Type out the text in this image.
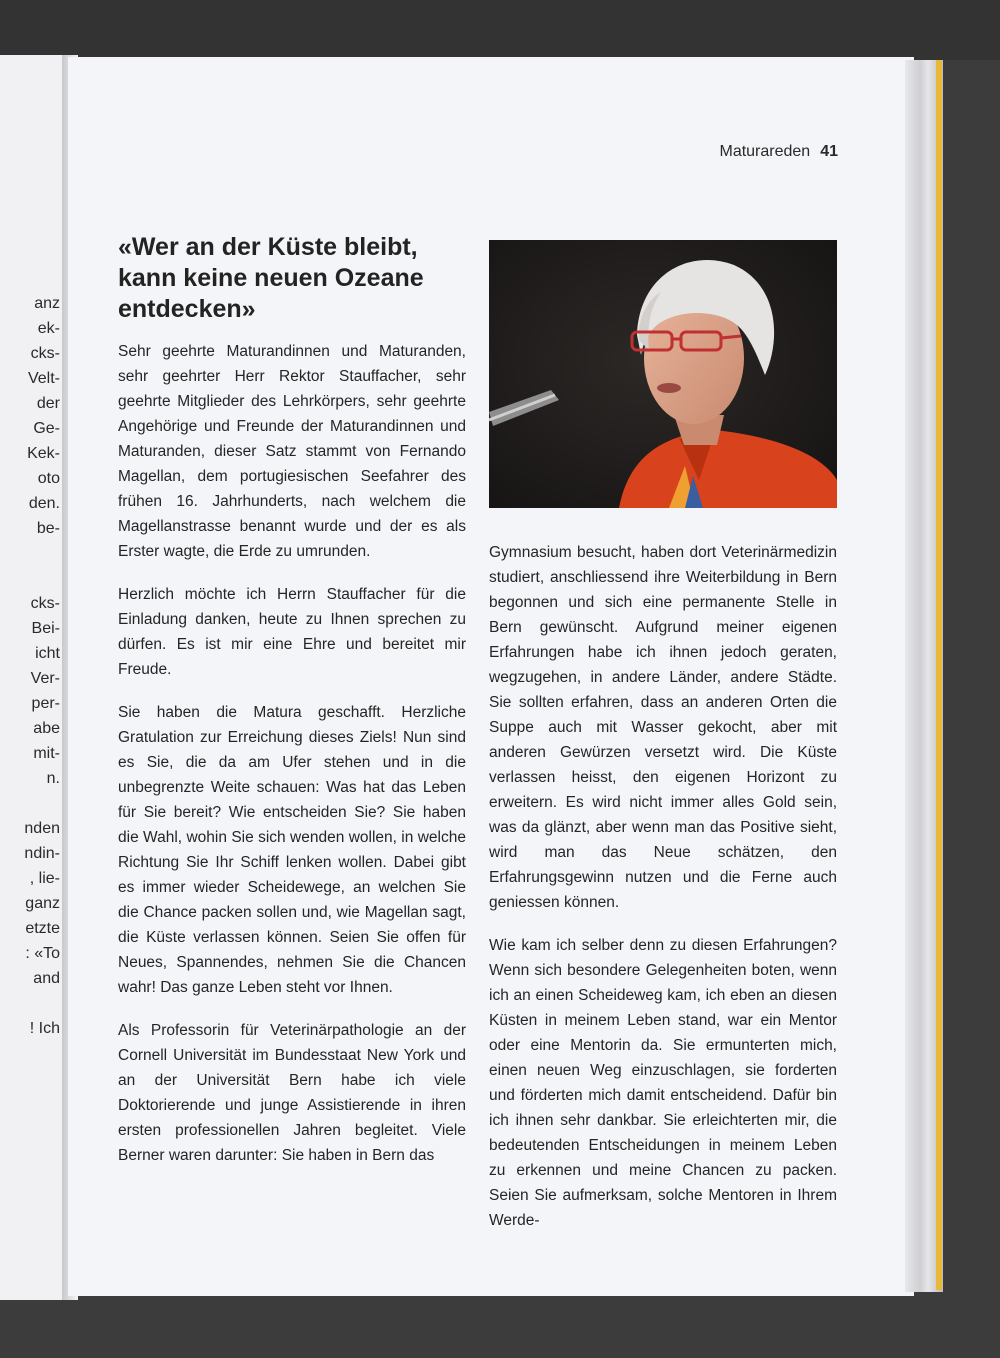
anz
ek-
cks-
Velt-
der
Ge-
Kek-
oto
den.
be-

cks-
Bei-
icht
Ver-
per-
abe
mit-
n.

nden
ndin-
, lie-
ganz
etzte
: «To
and

! Ich
Maturareden 41
«Wer an der Küste bleibt, kann keine neuen Ozeane entdecken»

Sehr geehrte Maturandinnen und Maturanden, sehr geehrter Herr Rektor Stauffacher, sehr geehrte Mitglieder des Lehrkörpers, sehr geehrte Angehörige und Freunde der Maturandinnen und Maturanden, dieser Satz stammt von Fernando Magellan, dem portugiesischen Seefahrer des frühen 16. Jahrhunderts, nach welchem die Magellanstrasse benannt wurde und der es als Erster wagte, die Erde zu umrunden.

Herzlich möchte ich Herrn Stauffacher für die Einladung danken, heute zu Ihnen sprechen zu dürfen. Es ist mir eine Ehre und bereitet mir Freude.

Sie haben die Matura geschafft. Herzliche Gratulation zur Erreichung dieses Ziels! Nun sind es Sie, die da am Ufer stehen und in die unbegrenzte Weite schauen: Was hat das Leben für Sie bereit? Wie entscheiden Sie? Sie haben die Wahl, wohin Sie sich wenden wollen, in welche Richtung Sie Ihr Schiff lenken wollen. Dabei gibt es immer wieder Scheidewege, an welchen Sie die Chance packen sollen und, wie Magellan sagt, die Küste verlassen können. Seien Sie offen für Neues, Spannendes, nehmen Sie die Chancen wahr! Das ganze Leben steht vor Ihnen.

Als Professorin für Veterinärpathologie an der Cornell Universität im Bundesstaat New York und an der Universität Bern habe ich viele Doktorierende und junge Assistierende in ihren ersten professionellen Jahren begleitet. Viele Berner waren darunter: Sie haben in Bern das

Gymnasium besucht, haben dort Veterinärmedizin studiert, anschliessend ihre Weiterbildung in Bern begonnen und sich eine permanente Stelle in Bern gewünscht. Aufgrund meiner eigenen Erfahrungen habe ich ihnen jedoch geraten, wegzugehen, in andere Länder, andere Städte. Sie sollten erfahren, dass an anderen Orten die Suppe auch mit Wasser gekocht, aber mit anderen Gewürzen versetzt wird. Die Küste verlassen heisst, den eigenen Horizont zu erweitern. Es wird nicht immer alles Gold sein, was da glänzt, aber wenn man das Positive sieht, wird man das Neue schätzen, den Erfahrungsgewinn nutzen und die Ferne auch geniessen können.

Wie kam ich selber denn zu diesen Erfahrungen? Wenn sich besondere Gelegenheiten boten, wenn ich an einen Scheideweg kam, ich eben an diesen Küsten in meinem Leben stand, war ein Mentor oder eine Mentorin da. Sie ermunterten mich, einen neuen Weg einzuschlagen, sie forderten und förderten mich damit entscheidend. Dafür bin ich ihnen sehr dankbar. Sie erleichterten mir, die bedeutenden Entscheidungen in meinem Leben zu erkennen und meine Chancen zu packen. Seien Sie aufmerksam, solche Mentoren in Ihrem Werde-
